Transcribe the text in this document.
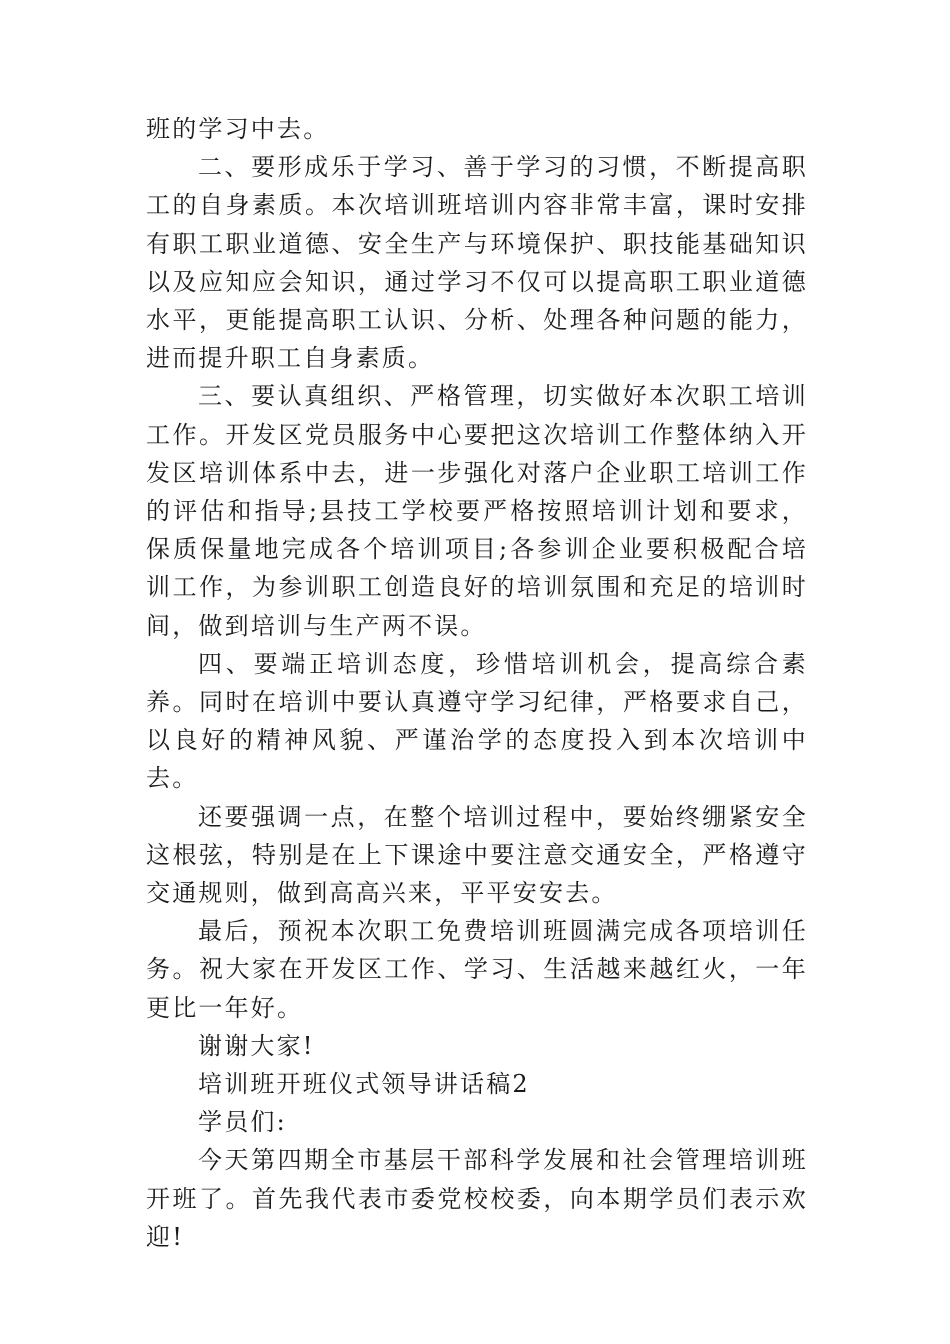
班的学习中去。

二、要形成乐于学习、善于学习的习惯，不断提高职工的自身素质。本次培训班培训内容非常丰富，课时安排有职工职业道德、安全生产与环境保护、职技能基础知识以及应知应会知识，通过学习不仅可以提高职工职业道德水平，更能提高职工认识、分析、处理各种问题的能力，进而提升职工自身素质。

三、要认真组织、严格管理，切实做好本次职工培训工作。开发区党员服务中心要把这次培训工作整体纳入开发区培训体系中去，进一步强化对落户企业职工培训工作的评估和指导;县技工学校要严格按照培训计划和要求，保质保量地完成各个培训项目;各参训企业要积极配合培训工作，为参训职工创造良好的培训氛围和充足的培训时间，做到培训与生产两不误。

四、要端正培训态度，珍惜培训机会，提高综合素养。同时在培训中要认真遵守学习纪律，严格要求自己，以良好的精神风貌、严谨治学的态度投入到本次培训中去。

还要强调一点，在整个培训过程中，要始终绷紧安全这根弦，特别是在上下课途中要注意交通安全，严格遵守交通规则，做到高高兴来，平平安安去。

最后，预祝本次职工免费培训班圆满完成各项培训任务。祝大家在开发区工作、学习、生活越来越红火，一年更比一年好。

谢谢大家!

培训班开班仪式领导讲话稿2

学员们:

今天第四期全市基层干部科学发展和社会管理培训班开班了。首先我代表市委党校校委，向本期学员们表示欢迎!
